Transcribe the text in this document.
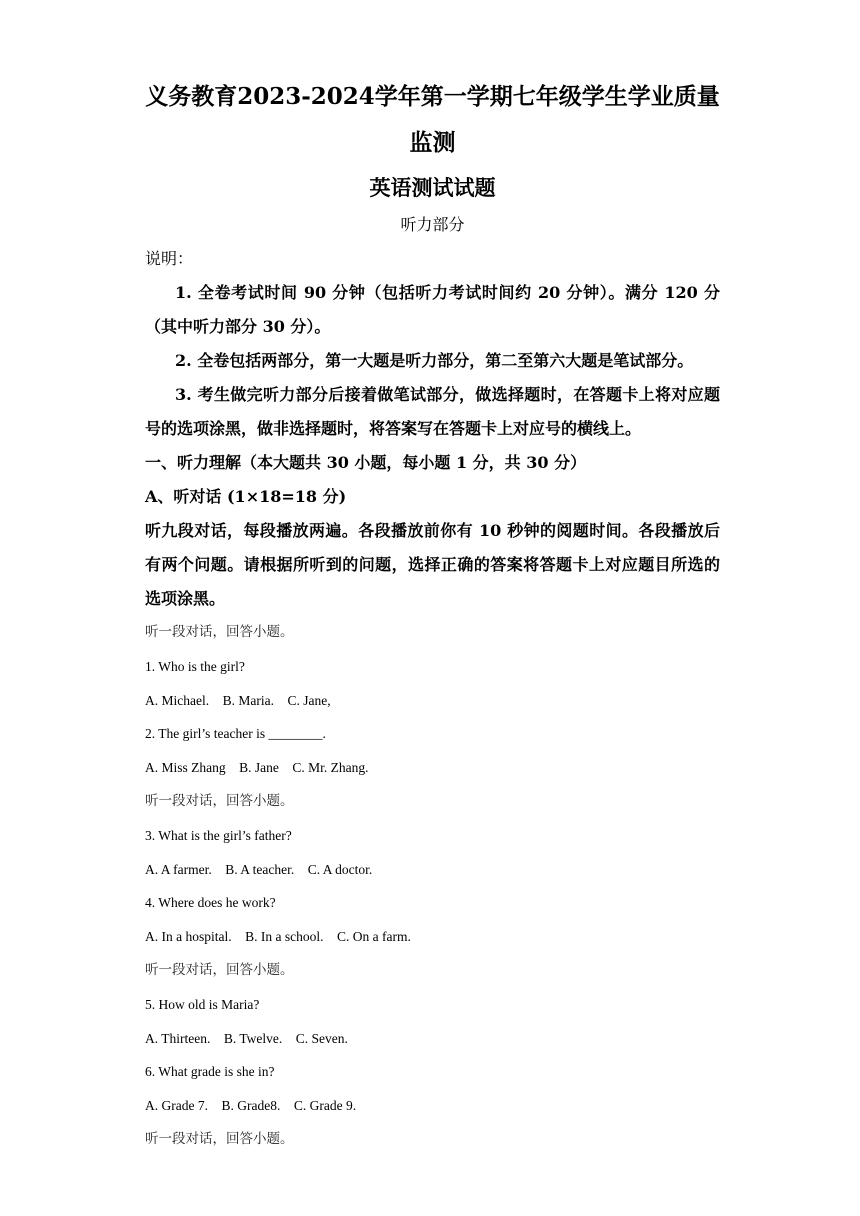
义务教育2023-2024学年第一学期七年级学生学业质量监测

英语测试试题

听力部分

说明：

1. 全卷考试时间 90 分钟（包括听力考试时间约 20 分钟）。满分 120 分（其中听力部分 30 分）。

2. 全卷包括两部分，第一大题是听力部分，第二至第六大题是笔试部分。

3. 考生做完听力部分后接着做笔试部分，做选择题时，在答题卡上将对应题号的选项涂黑，做非选择题时，将答案写在答题卡上对应号的横线上。

一、听力理解（本大题共 30 小题，每小题 1 分，共 30 分）

A、听对话 (1×18=18 分)

听九段对话，每段播放两遍。各段播放前你有 10 秒钟的阅题时间。各段播放后有两个问题。请根据所听到的问题，选择正确的答案将答题卡上对应题目所选的选项涂黑。

听一段对话，回答小题。

1. Who is the girl?

A. Michael.    B. Maria.    C. Jane,

2. The girl’s teacher is ________.

A. Miss Zhang    B. Jane    C. Mr. Zhang.

听一段对话，回答小题。

3. What is the girl’s father?

A. A farmer.    B. A teacher.    C. A doctor.

4. Where does he work?

A. In a hospital.    B. In a school.    C. On a farm.

听一段对话，回答小题。

5. How old is Maria?

A. Thirteen.    B. Twelve.    C. Seven.

6. What grade is she in?

A. Grade 7.    B. Grade8.    C. Grade 9.

听一段对话，回答小题。
